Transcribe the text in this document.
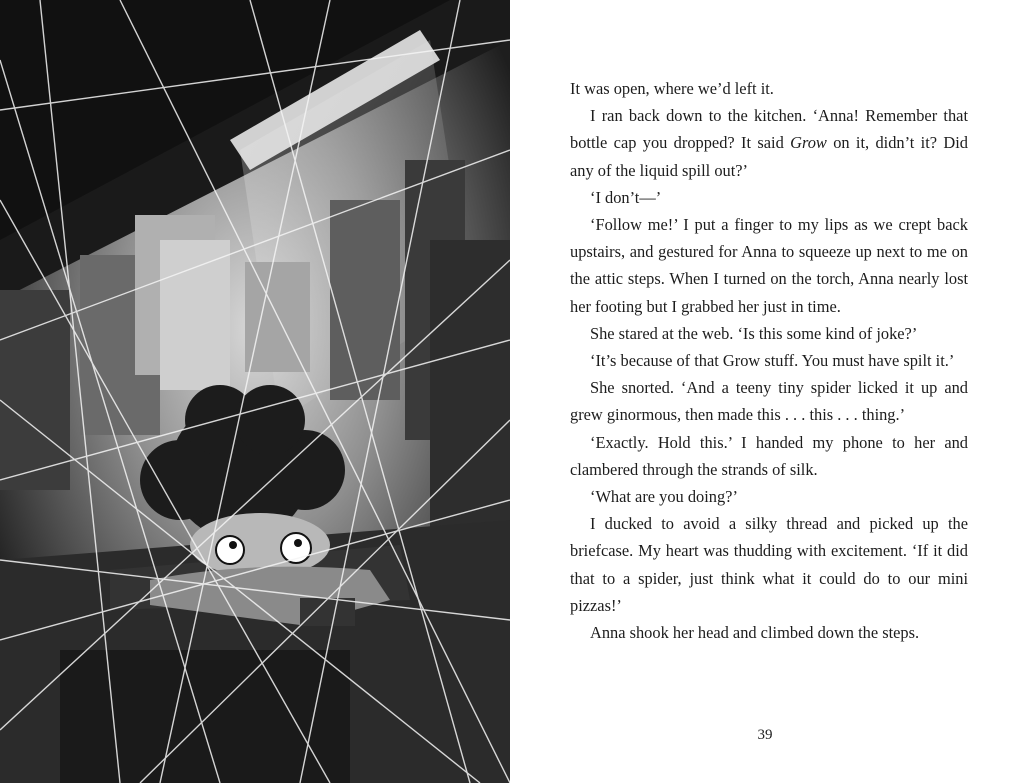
It was open, where we’d left it.

I ran back down to the kitchen. ‘Anna! Remember that bottle cap you dropped? It said Grow on it, didn’t it? Did any of the liquid spill out?’

‘I don’t—’

‘Follow me!’ I put a finger to my lips as we crept back upstairs, and gestured for Anna to squeeze up next to me on the attic steps. When I turned on the torch, Anna nearly lost her footing but I grabbed her just in time.

She stared at the web. ‘Is this some kind of joke?’

‘It’s because of that Grow stuff. You must have spilt it.’

She snorted. ‘And a teeny tiny spider licked it up and grew ginormous, then made this . . . this . . . thing.’

‘Exactly. Hold this.’ I handed my phone to her and clambered through the strands of silk.

‘What are you doing?’

I ducked to avoid a silky thread and picked up the briefcase. My heart was thudding with excitement. ‘If it did that to a spider, just think what it could do to our mini pizzas!’

Anna shook her head and climbed down the steps.

39
